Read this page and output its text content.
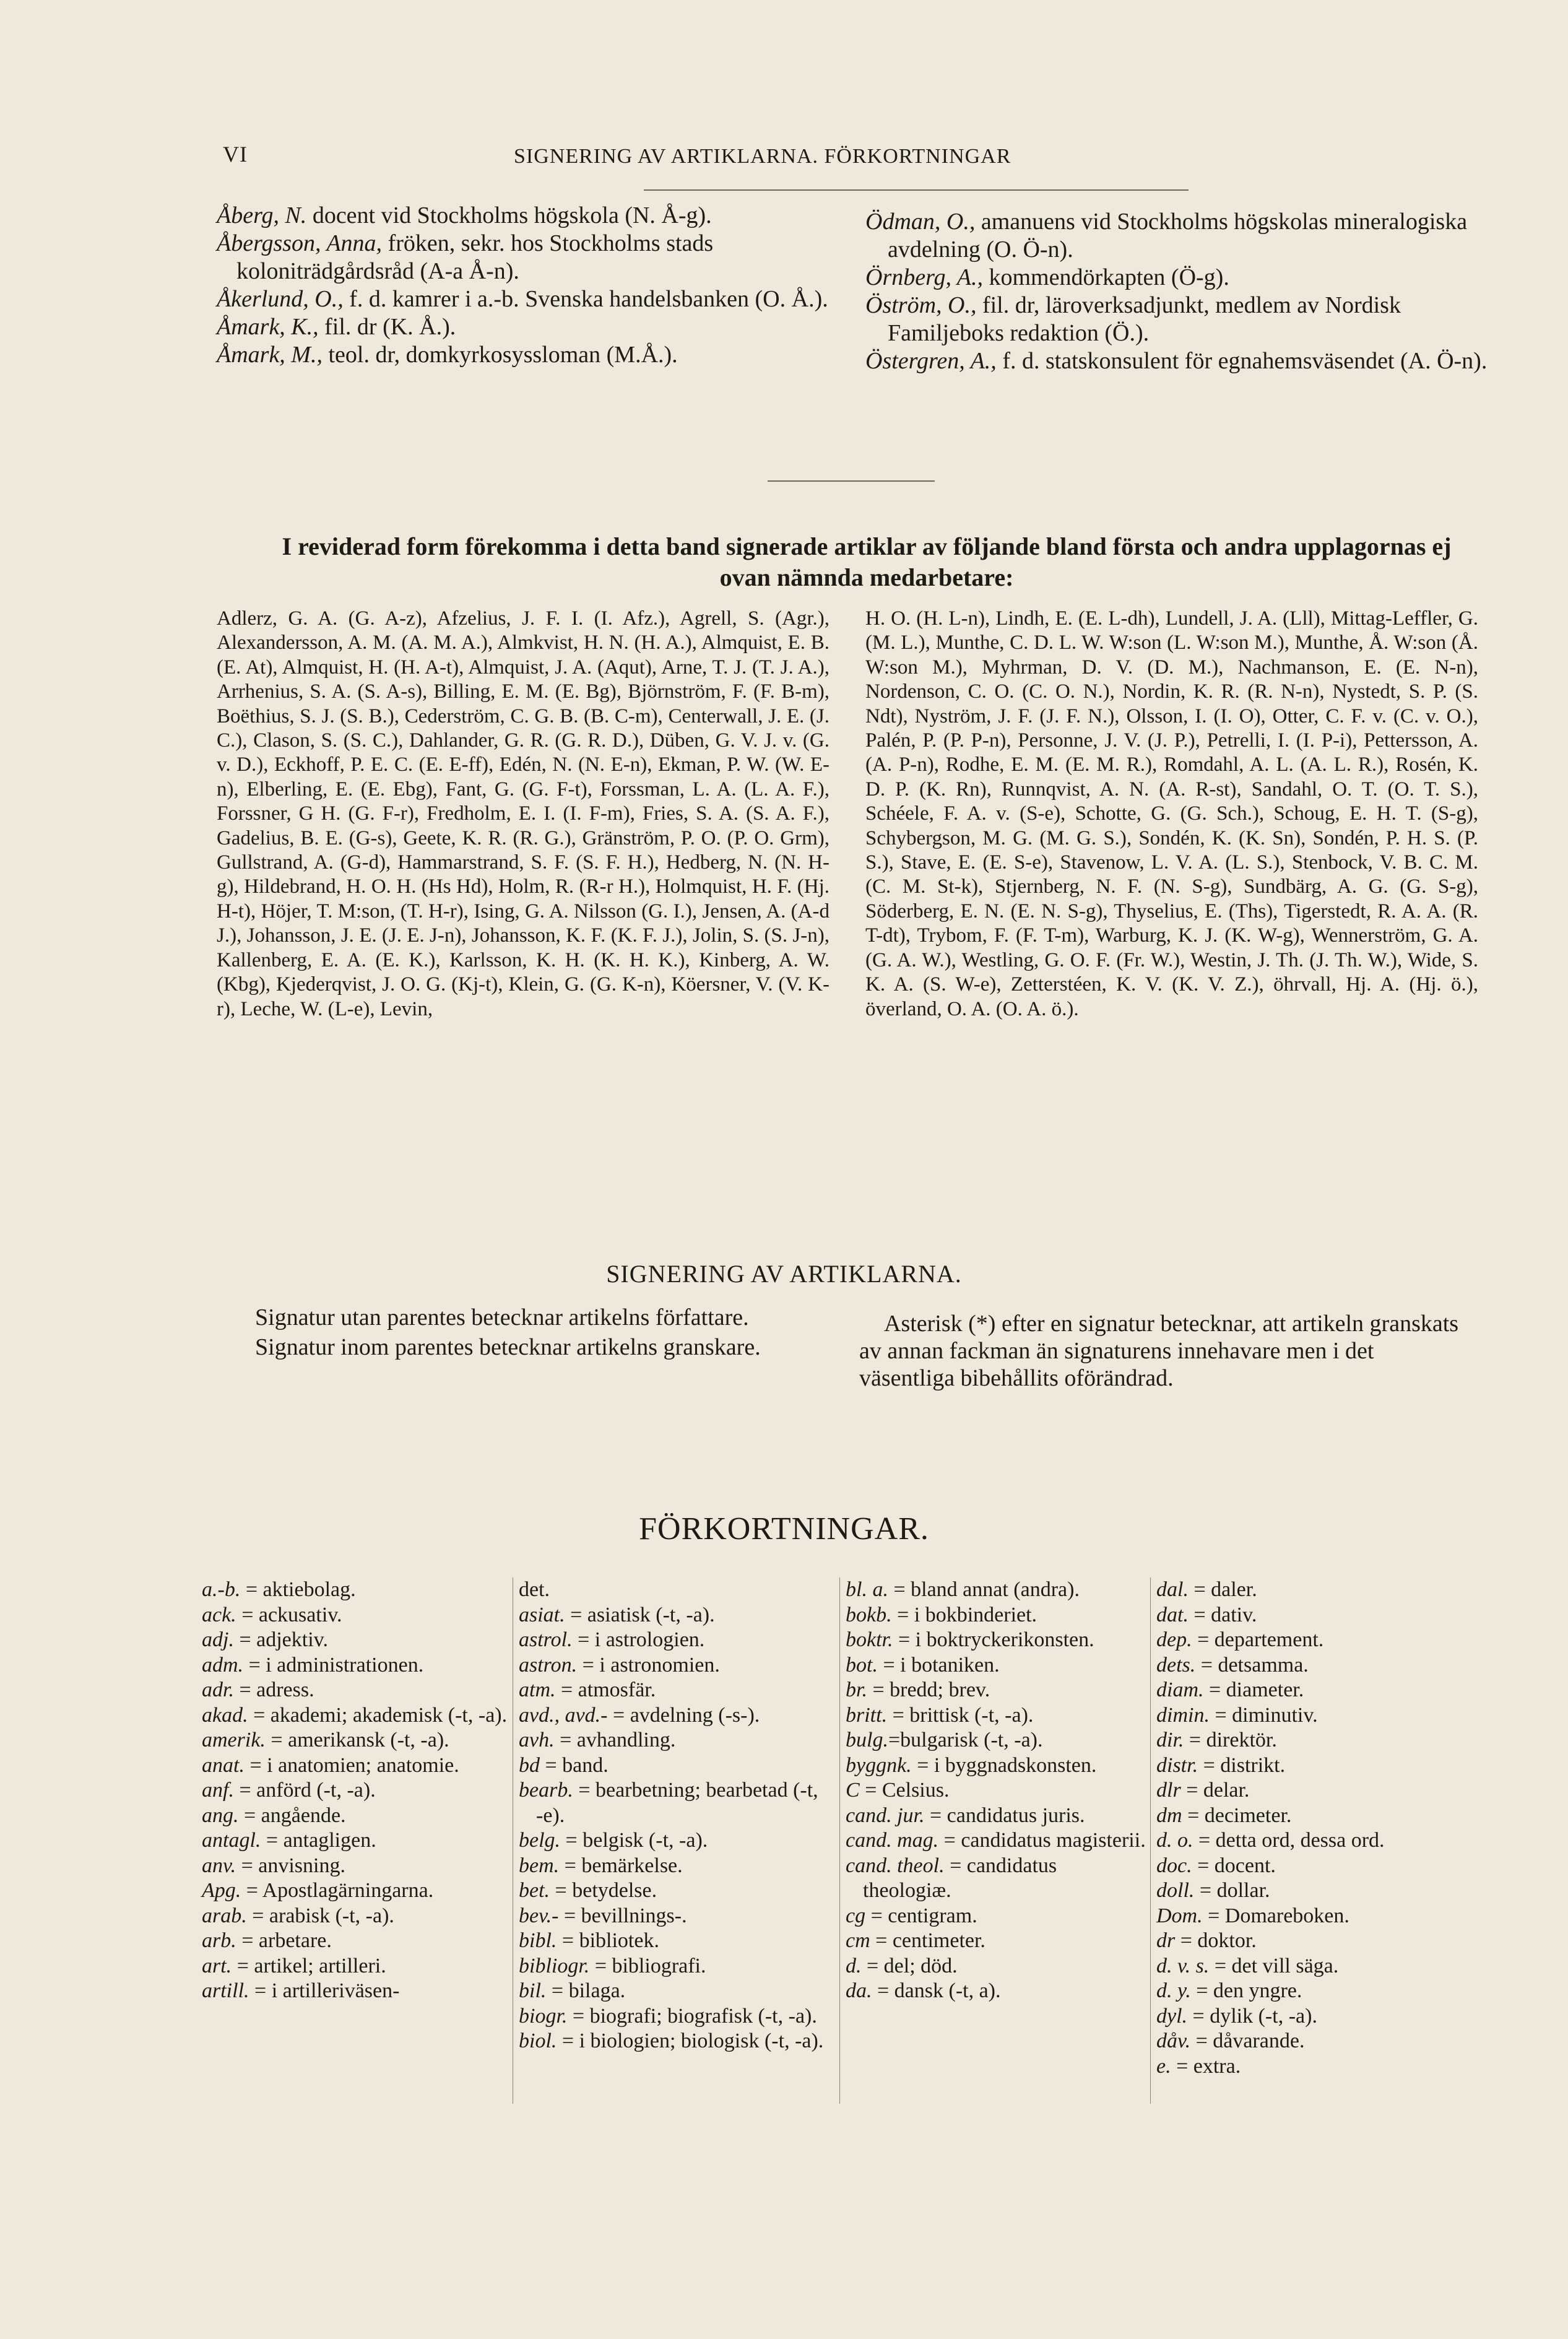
VI	SIGNERING AV ARTIKLARNA. FÖRKORTNINGAR

Åberg, N. docent vid Stockholms högskola (N. Å-g).

Åbergsson, Anna, fröken, sekr. hos Stockholms stads koloniträdgårdsråd (A-a Å-n).

Åkerlund, O., f. d. kamrer i a.-b. Svenska handelsbanken (O. Å.).

Åmark, K., fil. dr (K. Å.).

Åmark, M., teol. dr, domkyrkosyssloman (M.Å.).

Ödman, O., amanuens vid Stockholms högskolas mineralogiska avdelning (O. Ö-n).

Örnberg, A., kommendörkapten (Ö-g).

Öström, O., fil. dr, läroverksadjunkt, medlem av Nordisk Familjeboks redaktion (Ö.).

Östergren, A., f. d. statskonsulent för egnahemsväsendet (A. Ö-n).

I reviderad form förekomma i detta band signerade artiklar av följande bland första och andra upplagornas ej ovan nämnda medarbetare:

Adlerz, G. A. (G. A-z), Afzelius, J. F. I. (I. Afz.), Agrell, S. (Agr.), Alexandersson, A. M. (A. M. A.), Almkvist, H. N. (H. A.), Almquist, E. B. (E. At), Almquist, H. (H. A-t), Almquist, J. A. (Aqut), Arne, T. J. (T. J. A.), Arrhenius, S. A. (S. A-s), Billing, E. M. (E. Bg), Björnström, F. (F. B-m), Boëthius, S. J. (S. B.), Cederström, C. G. B. (B. C-m), Centerwall, J. E. (J. C.), Clason, S. (S. C.), Dahlander, G. R. (G. R. D.), Düben, G. V. J. v. (G. v. D.), Eckhoff, P. E. C. (E. E-ff), Edén, N. (N. E-n), Ekman, P. W. (W. E-n), Elberling, E. (E. Ebg), Fant, G. (G. F-t), Forssman, L. A. (L. A. F.), Forssner, G H. (G. F-r), Fredholm, E. I. (I. F-m), Fries, S. A. (S. A. F.), Gadelius, B. E. (G-s), Geete, K. R. (R. G.), Gränström, P. O. (P. O. Grm), Gullstrand, A. (G-d), Hammarstrand, S. F. (S. F. H.), Hedberg, N. (N. H-g), Hildebrand, H. O. H. (Hs Hd), Holm, R. (R-r H.), Holmquist, H. F. (Hj. H-t), Höjer, T. M:son, (T. H-r), Ising, G. A. Nilsson (G. I.), Jensen, A. (A-d J.), Johansson, J. E. (J. E. J-n), Johansson, K. F. (K. F. J.), Jolin, S. (S. J-n), Kallenberg, E. A. (E. K.), Karlsson, K. H. (K. H. K.), Kinberg, A. W. (Kbg), Kjederqvist, J. O. G. (Kj-t), Klein, G. (G. K-n), Köersner, V. (V. K-r), Leche, W. (L-e), Levin,

H. O. (H. L-n), Lindh, E. (E. L-dh), Lundell, J. A. (Lll), Mittag-Leffler, G. (M. L.), Munthe, C. D. L. W. W:son (L. W:son M.), Munthe, Å. W:son (Å. W:son M.), Myhrman, D. V. (D. M.), Nachmanson, E. (E. N-n), Nordenson, C. O. (C. O. N.), Nordin, K. R. (R. N-n), Nystedt, S. P. (S. Ndt), Nyström, J. F. (J. F. N.), Olsson, I. (I. O), Otter, C. F. v. (C. v. O.), Palén, P. (P. P-n), Personne, J. V. (J. P.), Petrelli, I. (I. P-i), Pettersson, A. (A. P-n), Rodhe, E. M. (E. M. R.), Romdahl, A. L. (A. L. R.), Rosén, K. D. P. (K. Rn), Runnqvist, A. N. (A. R-st), Sandahl, O. T. (O. T. S.), Schéele, F. A. v. (S-e), Schotte, G. (G. Sch.), Schoug, E. H. T. (S-g), Schybergson, M. G. (M. G. S.), Sondén, K. (K. Sn), Sondén, P. H. S. (P. S.), Stave, E. (E. S-e), Stavenow, L. V. A. (L. S.), Stenbock, V. B. C. M. (C. M. St-k), Stjernberg, N. F. (N. S-g), Sundbärg, A. G. (G. S-g), Söderberg, E. N. (E. N. S-g), Thyselius, E. (Ths), Tigerstedt, R. A. A. (R. T-dt), Trybom, F. (F. T-m), Warburg, K. J. (K. W-g), Wennerström, G. A. (G. A. W.), Westling, G. O. F. (Fr. W.), Westin, J. Th. (J. Th. W.), Wide, S. K. A. (S. W-e), Zetterstéen, K. V. (K. V. Z.), öhrvall, Hj. A. (Hj. ö.), överland, O. A. (O. A. ö.).

SIGNERING AV ARTIKLARNA.

Signatur utan parentes betecknar artikelns författare.

Signatur inom parentes betecknar artikelns granskare.

Asterisk (*) efter en signatur betecknar, att artikeln granskats av annan fackman än signaturens innehavare men i det väsentliga bibehållits oförändrad.

FÖRKORTNINGAR.
a.-b. = aktiebolag.
ack. = ackusativ.
adj. = adjektiv.
adm. = i administrationen.
adr. = adress.
akad. = akademi; akademisk (-t, -a).
amerik. = amerikansk (-t, -a).
anat. = i anatomien; anatomie.
anf. = anförd (-t, -a).
ang. = angående.
antagl. = antagligen.
anv. = anvisning.
Apg. = Apostlagärningarna.
arab. = arabisk (-t, -a).
arb. = arbetare.
art. = artikel; artilleri.
artill. = i artilleriväsen-
det.
asiat. = asiatisk (-t, -a).
astrol. = i astrologien.
astron. = i astronomien.
atm. = atmosfär.
avd., avd.- = avdelning (-s-).
avh. = avhandling.
bd = band.
bearb. = bearbetning; bearbetad (-t, -e).
belg. = belgisk (-t, -a).
bem. = bemärkelse.
bet. = betydelse.
bev.- = bevillnings-.
bibl. = bibliotek.
bibliogr. = bibliografi.
bil. = bilaga.
biogr. = biografi; biografisk (-t, -a).
biol. = i biologien; biologisk (-t, -a).
bl. a. = bland annat (andra).
bokb. = i bokbinderiet.
boktr. = i boktryckerikonsten.
bot. = i botaniken.
br. = bredd; brev.
britt. = brittisk (-t, -a).
bulg.=bulgarisk (-t, -a).
byggnk. = i byggnadskonsten.
C = Celsius.
cand. jur. = candidatus juris.
cand. mag. = candidatus magisterii.
cand. theol. = candidatus theologiæ.
cg = centigram.
cm = centimeter.
d. = del; död.
da. = dansk (-t, a).
dal. = daler.
dat. = dativ.
dep. = departement.
dets. = detsamma.
diam. = diameter.
dimin. = diminutiv.
dir. = direktör.
distr. = distrikt.
dlr = delar.
dm = decimeter.
d. o. = detta ord, dessa ord.
doc. = docent.
doll. = dollar.
Dom. = Domareboken.
dr = doktor.
d. v. s. = det vill säga.
d. y. = den yngre.
dyl. = dylik (-t, -a).
dåv. = dåvarande.
e. = extra.
